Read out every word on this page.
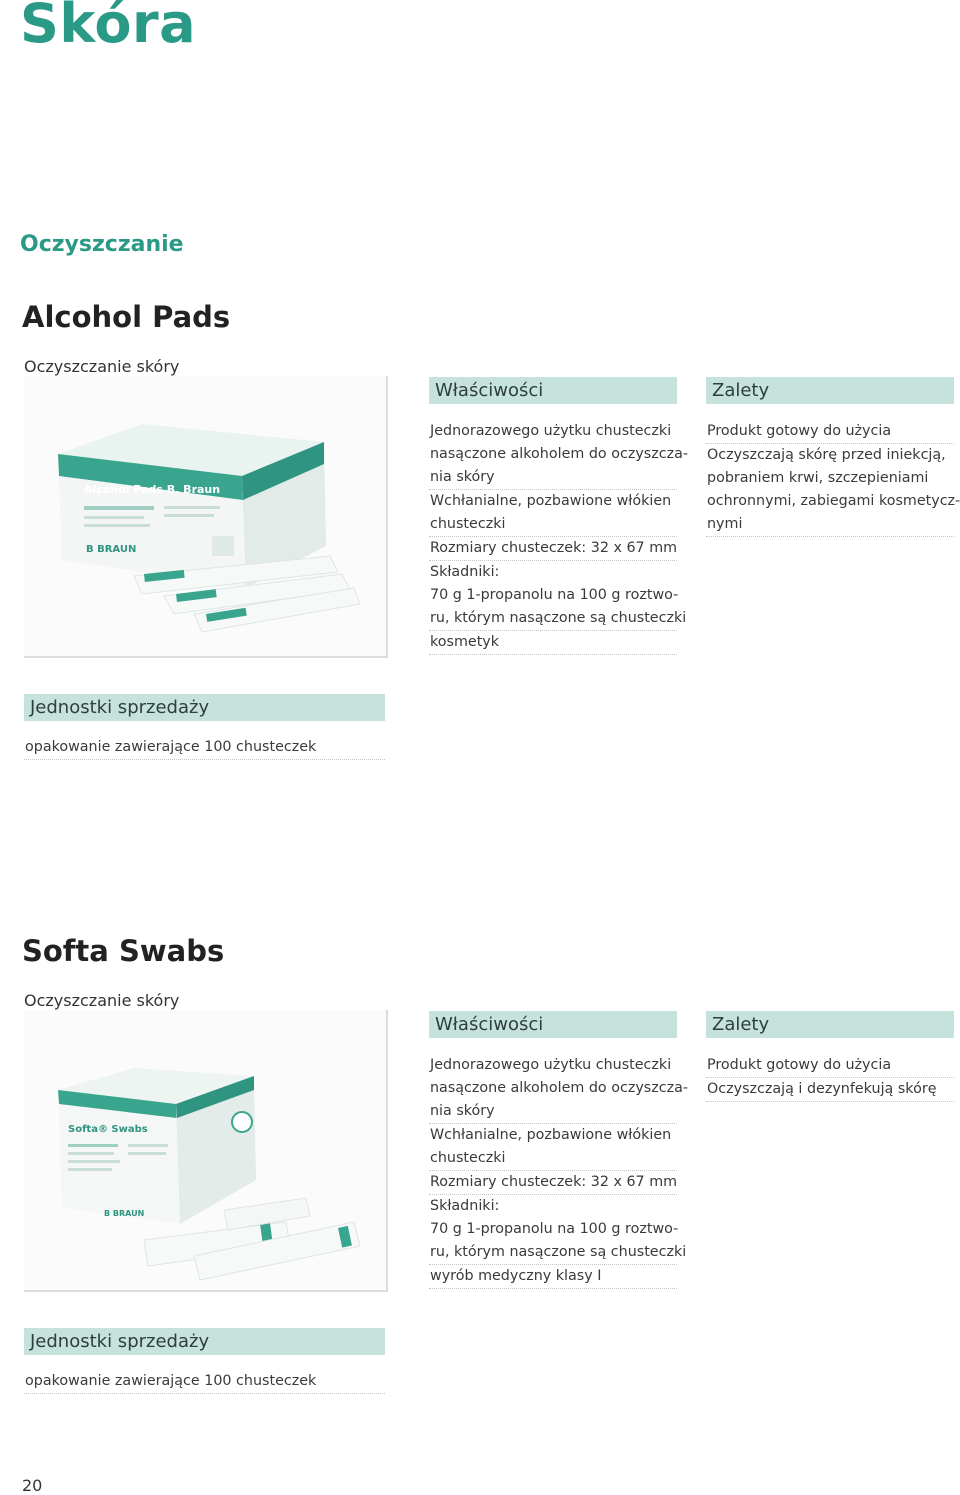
Skóra
Oczyszczanie
Alcohol Pads
Oczyszczanie skóry
Alcohol Pads B. Braun
B BRAUN
Właściwości
Jednorazowego użytku chusteczki
nasączone alkoholem do oczyszcza-
nia skóry
Wchłanialne, pozbawione włókien
chusteczki
Rozmiary chusteczek: 32 x 67 mm
Składniki:
70 g 1-propanolu na 100 g roztwo-
ru, którym nasączone są chusteczki
kosmetyk
Zalety
Produkt gotowy do użycia
Oczyszczają skórę przed iniekcją,
pobraniem krwi, szczepieniami
ochronnymi, zabiegami kosmetycz-
nymi
Jednostki sprzedaży
opakowanie zawierające 100 chusteczek
Softa Swabs
Oczyszczanie skóry
Softa® Swabs
B BRAUN
Właściwości
Jednorazowego użytku chusteczki
nasączone alkoholem do oczyszcza-
nia skóry
Wchłanialne, pozbawione włókien
chusteczki
Rozmiary chusteczek: 32 x 67 mm
Składniki:
70 g 1-propanolu na 100 g roztwo-
ru, którym nasączone są chusteczki
wyrób medyczny klasy I
Zalety
Produkt gotowy do użycia
Oczyszczają i dezynfekują skórę
Jednostki sprzedaży
opakowanie zawierające 100 chusteczek
20
